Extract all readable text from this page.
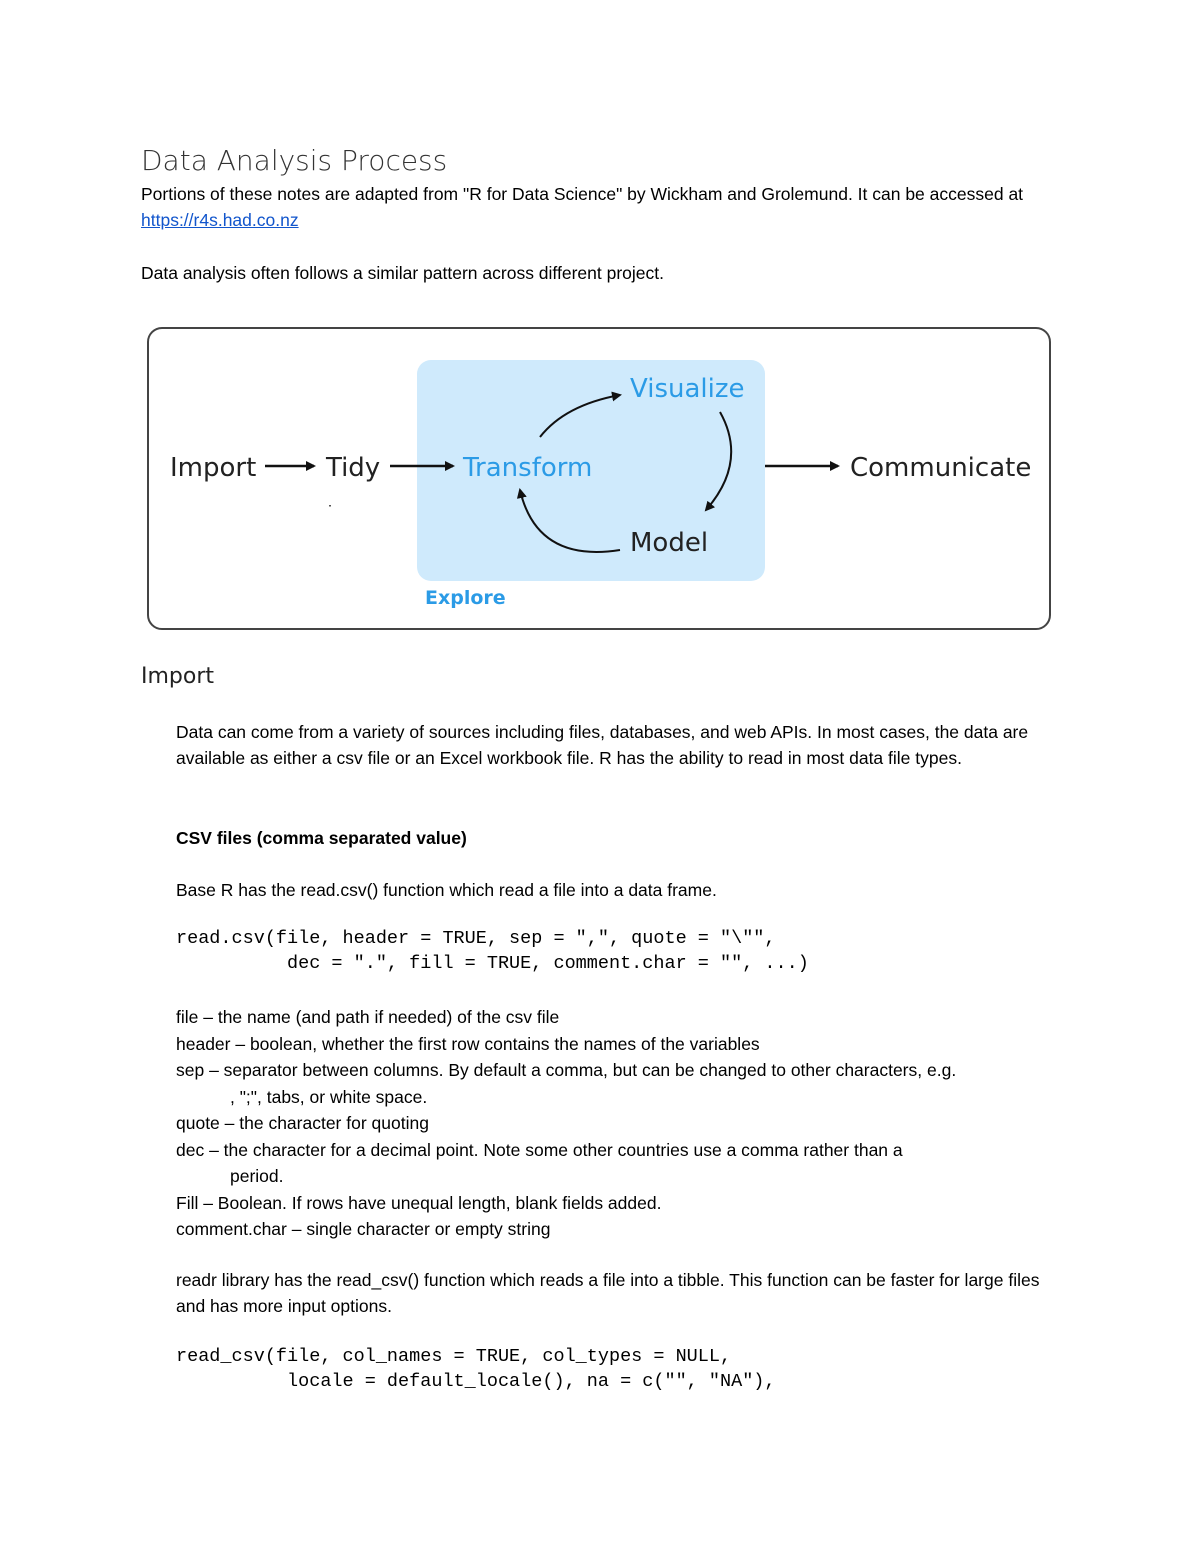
Data Analysis Process
Portions of these notes are adapted from "R for Data Science" by Wickham and Grolemund. It can be accessed at https://r4s.had.co.nz
Data analysis often follows a similar pattern across different project.
Import	Tidy	Transform
Visualize
Model
Communicate
Explore
Import
Data can come from a variety of sources including files, databases, and web APIs. In most cases, the data are available as either a csv file or an Excel workbook file. R has the ability to read in most data file types.
CSV files (comma separated value)
Base R has the read.csv() function which read a file into a data frame.
read.csv(file, header = TRUE, sep = ",", quote = "\"",
dec = ".", fill = TRUE, comment.char = "", ...)
file – the name (and path if needed) of the csv file
header – boolean, whether the first row contains the names of the variables
sep – separator between columns. By default a comma, but can be changed to other characters, e.g.
, ";", tabs, or white space.
quote – the character for quoting
dec – the character for a decimal point. Note some other countries use a comma rather than a
period.
Fill – Boolean. If rows have unequal length, blank fields added.
comment.char – single character or empty string
readr library has the read_csv() function which reads a file into a tibble. This function can be faster for large files and has more input options.
read_csv(file, col_names = TRUE, col_types = NULL,
locale = default_locale(), na = c("", "NA"),
